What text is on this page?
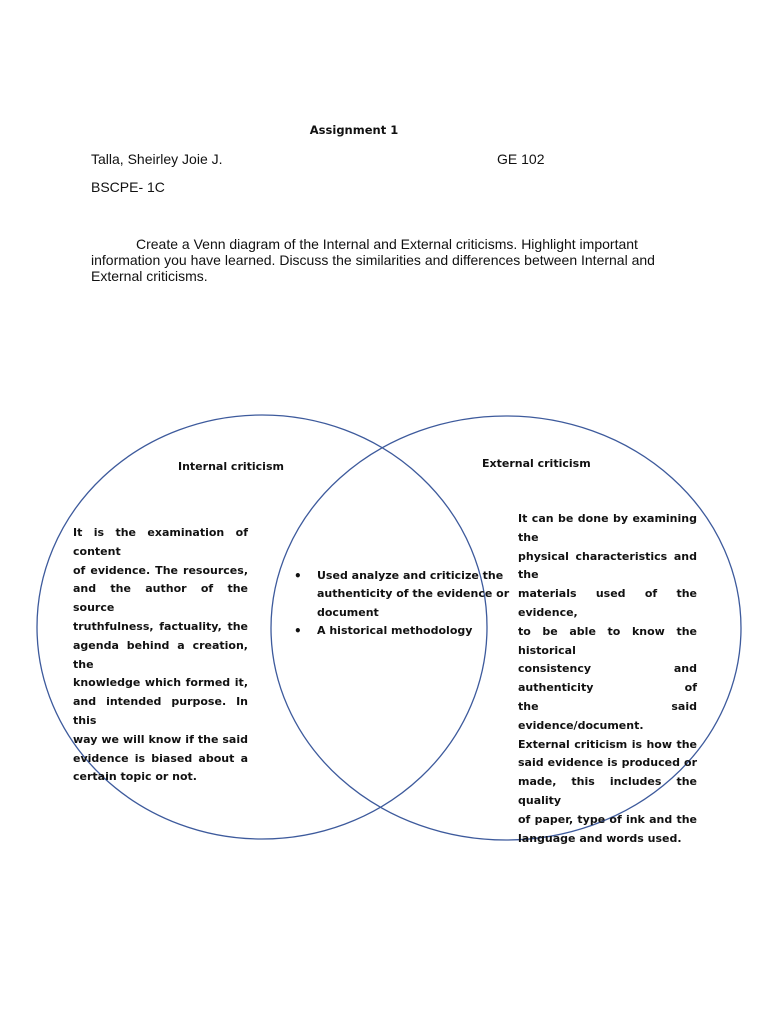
Assignment 1
Talla, Sheirley Joie J.	GE 102
BSCPE- 1C
Create a Venn diagram of the Internal and External criticisms. Highlight important
information you have learned. Discuss the similarities and differences between Internal and
External criticisms.
Internal criticism	External criticism
It is the examination of content
of evidence. The resources,
and the author of the source
truthfulness, factuality, the
agenda behind a creation, the
knowledge which formed it,
and intended purpose. In this
way we will know if the said
evidence is biased about a
certain topic or not.
It can be done by examining the
physical characteristics and the
materials used of the evidence,
to be able to know the historical
consistency and authenticity of
the said evidence/document.
External criticism is how the
said evidence is produced or
made, this includes the quality
of paper, type of ink and the
language and words used.
• Used analyze and criticize the
authenticity of the evidence or
document
• A historical methodology
